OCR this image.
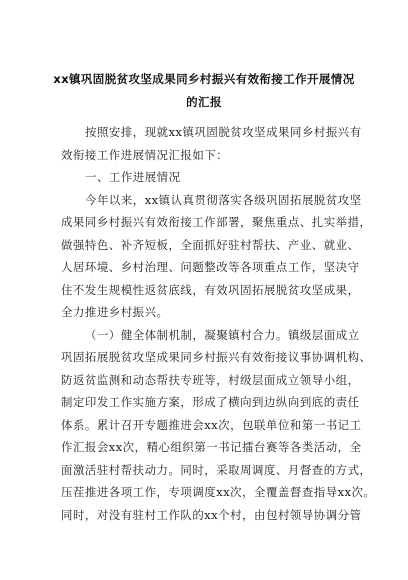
xx镇巩固脱贫攻坚成果同乡村振兴有效衔接工作开展情况
的汇报
按照安排，现就xx镇巩固脱贫攻坚成果同乡村振兴有
效衔接工作进展情况汇报如下：
一、工作进展情况
今年以来，xx镇认真贯彻落实各级巩固拓展脱贫攻坚
成果同乡村振兴有效衔接工作部署，聚焦重点、扎实举措，
做强特色、补齐短板，全面抓好驻村帮扶、产业、就业、
人居环境、乡村治理、问题整改等各项重点工作，坚决守
住不发生规模性返贫底线，有效巩固拓展脱贫攻坚成果，
全力推进乡村振兴。
（一）健全体制机制，凝聚镇村合力。镇级层面成立
巩固拓展脱贫攻坚成果同乡村振兴有效衔接议事协调机构、
防返贫监测和动态帮扶专班等，村级层面成立领导小组，
制定印发工作实施方案，形成了横向到边纵向到底的责任
体系。累计召开专题推进会xx次，包联单位和第一书记工
作汇报会xx次，精心组织第一书记擂台赛等各类活动，全
面激活驻村帮扶动力。同时，采取周调度、月督查的方式，
压茬推进各项工作，专项调度xx次，全覆盖督查指导xx次。
同时，对没有驻村工作队的xx个村，由包村领导协调分管
